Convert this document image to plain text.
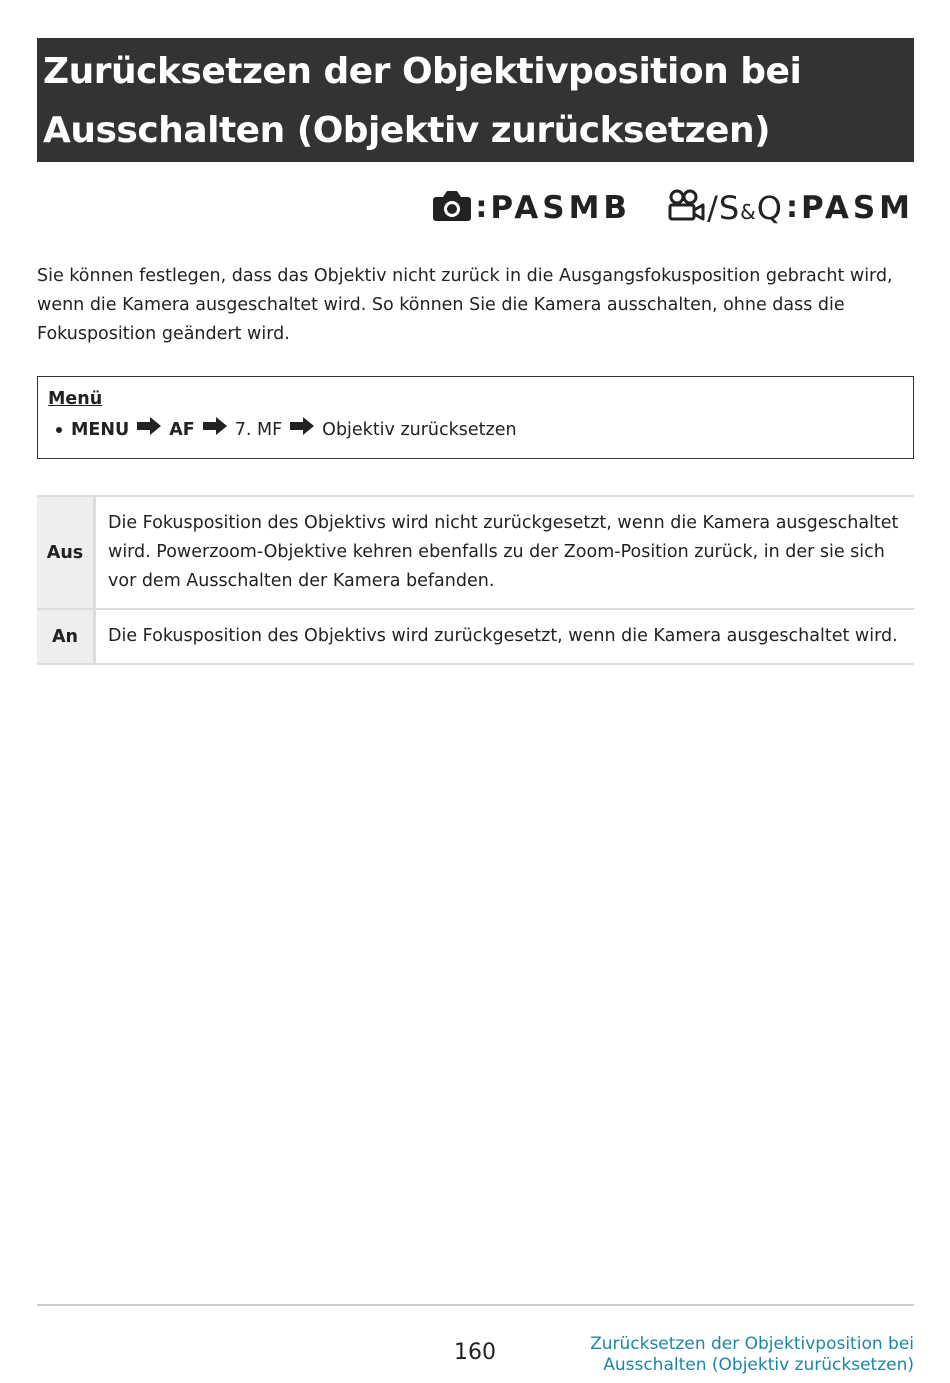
Zurücksetzen der Objektivposition bei
Ausschalten (Objektiv zurücksetzen)
: PASMB /S&Q : PASM

Sie können festlegen, dass das Objektiv nicht zurück in die Ausgangsfokusposition gebracht wird, wenn die Kamera ausgeschaltet wird. So können Sie die Kamera ausschalten, ohne dass die Fokusposition geändert wird.

Menü

MENU AF 7. MF Objektiv zurücksetzen
Aus	Die Fokusposition des Objektivs wird nicht zurückgesetzt, wenn die Kamera ausgeschaltet wird. Powerzoom-Objektive kehren ebenfalls zu der Zoom-Position zurück, in der sie sich vor dem Ausschalten der Kamera befanden.
An	Die Fokusposition des Objektivs wird zurückgesetzt, wenn die Kamera ausgeschaltet wird.
160	Zurücksetzen der Objektivposition bei
Ausschalten (Objektiv zurücksetzen)
